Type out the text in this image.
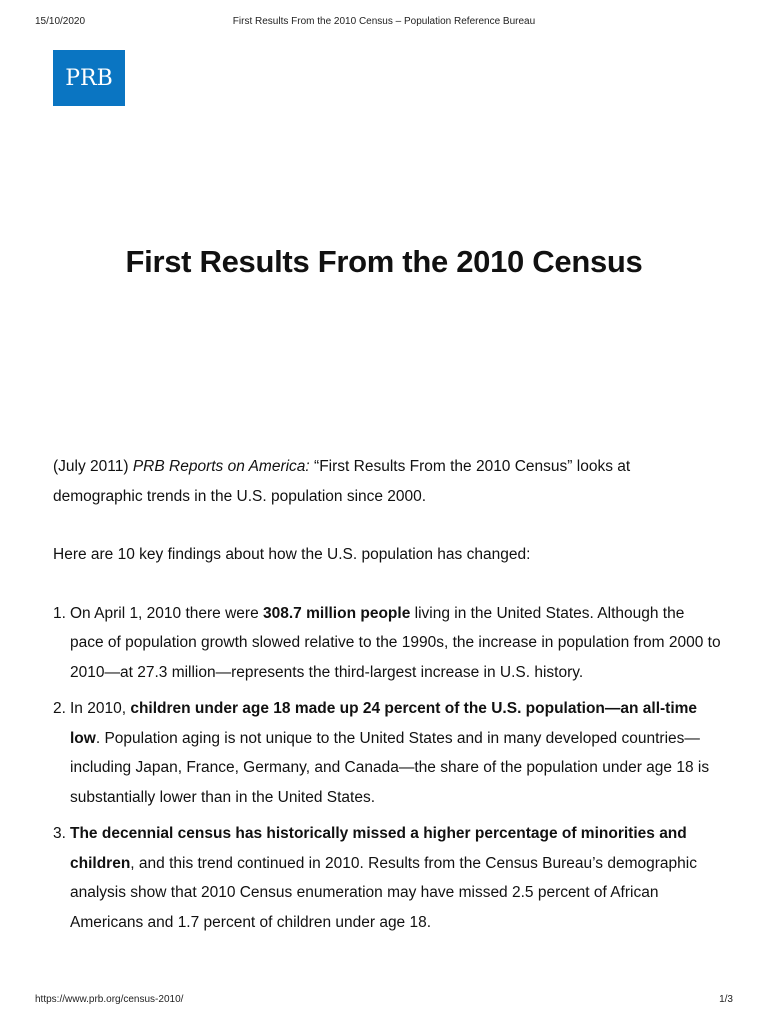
15/10/2020	First Results From the 2010 Census – Population Reference Bureau
PRB
First Results From the 2010 Census

(July 2011) PRB Reports on America: “First Results From the 2010 Census” looks at demographic trends in the U.S. population since 2000.

Here are 10 key findings about how the U.S. population has changed:

1. On April 1, 2010 there were 308.7 million people living in the United States. Although the pace of population growth slowed relative to the 1990s, the increase in population from 2000 to 2010—at 27.3 million—represents the third-largest increase in U.S. history.
2. In 2010, children under age 18 made up 24 percent of the U.S. population—an all-time low. Population aging is not unique to the United States and in many developed countries—including Japan, France, Germany, and Canada—the share of the population under age 18 is substantially lower than in the United States.
3. The decennial census has historically missed a higher percentage of minorities and children, and this trend continued in 2010. Results from the Census Bureau’s demographic analysis show that 2010 Census enumeration may have missed 2.5 percent of African Americans and 1.7 percent of children under age 18.
https://www.prb.org/census-2010/	1/3
